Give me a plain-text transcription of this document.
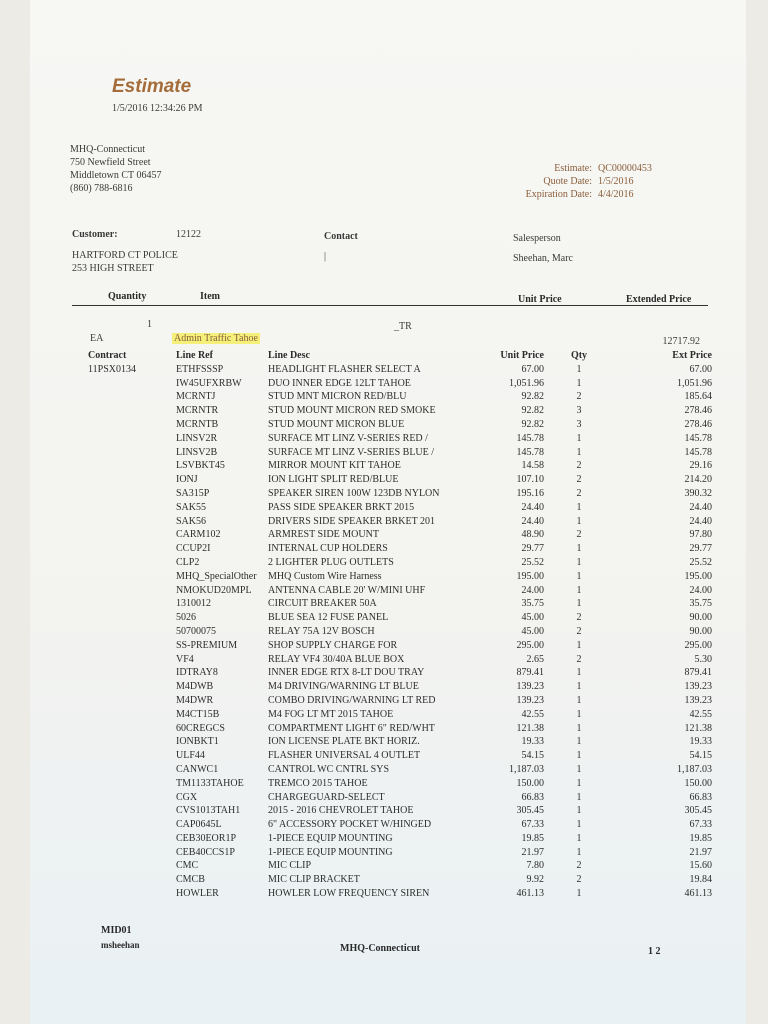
Estimate
1/5/2016 12:34:26 PM
MHQ-Connecticut
750 Newfield Street
Middletown CT 06457
(860) 788-6816
Estimate: QC00000453
Quote Date: 1/5/2016
Expiration Date: 4/4/2016
Customer:	12122
HARTFORD CT POLICE
253 HIGH STREET
Contact
|
Salesperson
Sheehan, Marc
Quantity	Item	Unit Price	Extended Price
1	_TR
EA	Admin Traffic Tahoe	12717.92
Contract	Line Ref	Line Desc	Unit Price	Qty	Ext Price
11PSX0134	ETHFSSSP	HEADLIGHT FLASHER SELECT A	67.00	1	67.00
	IW45UFXRBW	DUO INNER EDGE 12LT TAHOE	1,051.96	1	1,051.96
	MCRNTJ	STUD MNT MICRON RED/BLU	92.82	2	185.64
	MCRNTR	STUD MOUNT MICRON RED SMOKE	92.82	3	278.46
	MCRNTB	STUD MOUNT MICRON BLUE	92.82	3	278.46
	LINSV2R	SURFACE MT LINZ V-SERIES RED /	145.78	1	145.78
	LINSV2B	SURFACE MT LINZ V-SERIES BLUE /	145.78	1	145.78
	LSVBKT45	MIRROR MOUNT KIT TAHOE	14.58	2	29.16
	IONJ	ION LIGHT SPLIT RED/BLUE	107.10	2	214.20
	SA315P	SPEAKER SIREN 100W 123DB NYLON	195.16	2	390.32
	SAK55	PASS SIDE SPEAKER BRKT 2015	24.40	1	24.40
	SAK56	DRIVERS SIDE SPEAKER BRKET 201	24.40	1	24.40
	CARM102	ARMREST SIDE MOUNT	48.90	2	97.80
	CCUP2I	INTERNAL CUP HOLDERS	29.77	1	29.77
	CLP2	2 LIGHTER PLUG OUTLETS	25.52	1	25.52
	MHQ_SpecialOther	MHQ Custom Wire Harness	195.00	1	195.00
	NMOKUD20MPL	ANTENNA CABLE 20' W/MINI UHF	24.00	1	24.00
	1310012	CIRCUIT BREAKER 50A	35.75	1	35.75
	5026	BLUE SEA 12 FUSE PANEL	45.00	2	90.00
	50700075	RELAY 75A 12V BOSCH	45.00	2	90.00
	SS-PREMIUM	SHOP SUPPLY CHARGE FOR	295.00	1	295.00
	VF4	RELAY VF4 30/40A BLUE BOX	2.65	2	5.30
	IDTRAY8	INNER EDGE RTX 8-LT DOU TRAY	879.41	1	879.41
	M4DWB	M4 DRIVING/WARNING LT BLUE	139.23	1	139.23
	M4DWR	COMBO DRIVING/WARNING LT RED	139.23	1	139.23
	M4CT15B	M4 FOG LT MT 2015 TAHOE	42.55	1	42.55
	60CREGCS	COMPARTMENT LIGHT 6" RED/WHT	121.38	1	121.38
	IONBKT1	ION LICENSE PLATE BKT HORIZ.	19.33	1	19.33
	ULF44	FLASHER UNIVERSAL 4 OUTLET	54.15	1	54.15
	CANWC1	CANTROL WC CNTRL SYS	1,187.03	1	1,187.03
	TM1133TAHOE	TREMCO 2015 TAHOE	150.00	1	150.00
	CGX	CHARGEGUARD-SELECT	66.83	1	66.83
	CVS1013TAH1	2015 - 2016 CHEVROLET TAHOE	305.45	1	305.45
	CAP0645L	6" ACCESSORY POCKET W/HINGED	67.33	1	67.33
	CEB30EOR1P	1-PIECE EQUIP MOUNTING	19.85	1	19.85
	CEB40CCS1P	1-PIECE EQUIP MOUNTING	21.97	1	21.97
	CMC	MIC CLIP	7.80	2	15.60
	CMCB	MIC CLIP BRACKET	9.92	2	19.84
	HOWLER	HOWLER LOW FREQUENCY SIREN	461.13	1	461.13
MID01
msheehan	MHQ-Connecticut	1 2
